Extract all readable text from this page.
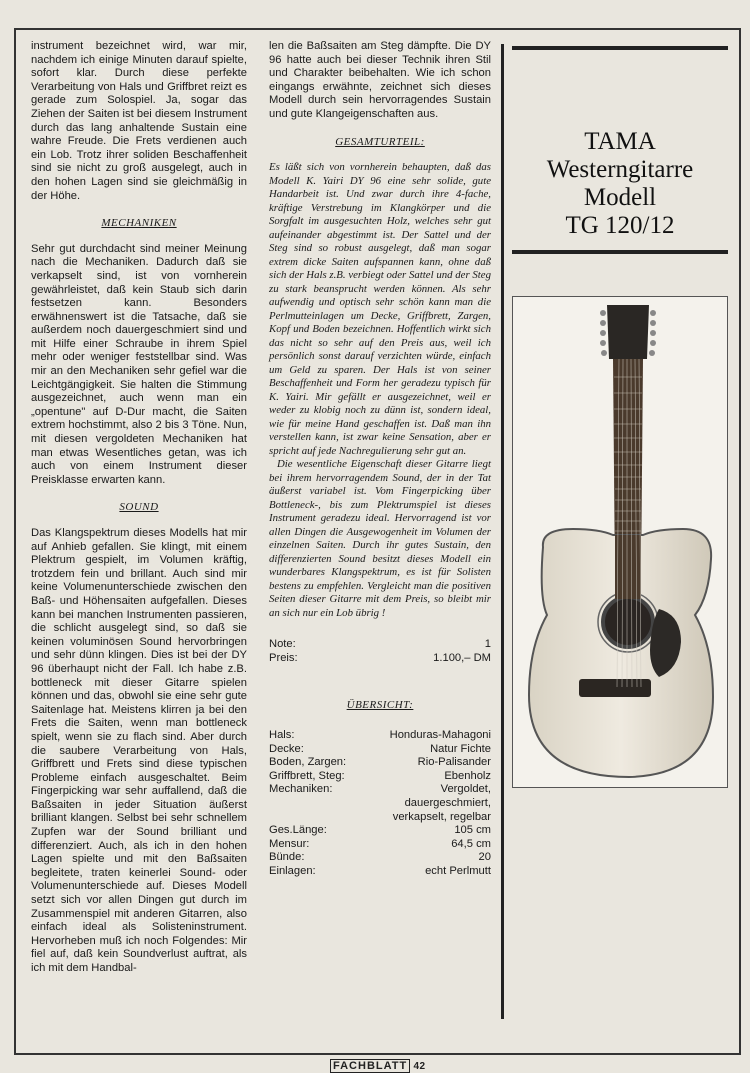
instrument bezeichnet wird, war mir, nachdem ich einige Minuten darauf spielte, sofort klar. Durch diese perfekte Verarbeitung von Hals und Griffbret reizt es gerade zum Solospiel. Ja, sogar das Ziehen der Saiten ist bei diesem Instrument durch das lang anhaltende Sustain eine wahre Freude. Die Frets verdienen auch ein Lob. Trotz ihrer soliden Beschaffenheit sind sie nicht zu groß ausgelegt, auch in den hohen Lagen sind sie gleichmäßig in der Höhe.

MECHANIKEN

Sehr gut durchdacht sind meiner Meinung nach die Mechaniken. Dadurch daß sie verkapselt sind, ist von vornherein gewährleistet, daß kein Staub sich darin festsetzen kann. Besonders erwähnenswert ist die Tatsache, daß sie außerdem noch dauergeschmiert sind und mit Hilfe einer Schraube in ihrem Spiel mehr oder weniger feststellbar sind. Was mir an den Mechaniken sehr gefiel war die Leichtgängigkeit. Sie halten die Stimmung ausgezeichnet, auch wenn man ein „opentune" auf D-Dur macht, die Saiten extrem hochstimmt, also 2 bis 3 Töne. Nun, mit diesen vergoldeten Mechaniken hat man etwas Wesentliches getan, was ich auch von einem Instrument dieser Preisklasse erwarten kann.

SOUND

Das Klangspektrum dieses Modells hat mir auf Anhieb gefallen. Sie klingt, mit einem Plektrum gespielt, im Volumen kräftig, trotzdem fein und brillant. Auch sind mir keine Volumenunterschiede zwischen den Baß- und Höhensaiten aufgefallen. Dieses kann bei manchen Instrumenten passieren, die schlicht ausgelegt sind, so daß sie keinen voluminösen Sound hervorbringen und sehr dünn klingen. Dies ist bei der DY 96 überhaupt nicht der Fall. Ich habe z.B. bottleneck mit dieser Gitarre spielen können und das, obwohl sie eine sehr gute Saitenlage hat. Meistens klirren ja bei den Frets die Saiten, wenn man bottleneck spielt, wenn sie zu flach sind. Aber durch die saubere Verarbeitung von Hals, Griffbrett und Frets sind diese typischen Probleme einfach ausgeschaltet. Beim Fingerpicking war sehr auffallend, daß die Baßsaiten in jeder Situation äußerst brilliant klangen. Selbst bei sehr schnellem Zupfen war der Sound brilliant und differenziert. Auch, als ich in den hohen Lagen spielte und mit den Baßsaiten begleitete, traten keinerlei Sound- oder Volumenunterschiede auf. Dieses Modell setzt sich vor allen Dingen gut durch im Zusammenspiel mit anderen Gitarren, also einfach ideal als Solisteninstrument. Hervorheben muß ich noch Folgendes: Mir fiel auf, daß kein Soundverlust auftrat, als ich mit dem Handbal-

len die Baßsaiten am Steg dämpfte. Die DY 96 hatte auch bei dieser Technik ihren Stil und Charakter beibehalten. Wie ich schon eingangs erwähnte, zeichnet sich dieses Modell durch sein hervorragendes Sustain und gute Klangeigenschaften aus.

GESAMTURTEIL:

Es läßt sich von vornherein behaupten, daß das Modell K. Yairi DY 96 eine sehr solide, gute Handarbeit ist. Und zwar durch ihre 4-fache, kräftige Verstrebung im Klangkörper und die Sorgfalt im ausgesuchten Holz, welches sehr gut aufeinander abgestimmt ist. Der Sattel und der Steg sind so robust ausgelegt, daß man sogar extrem dicke Saiten aufspannen kann, ohne daß sich der Hals z.B. verbiegt oder Sattel und der Steg zu stark beansprucht werden können. Als sehr aufwendig und optisch sehr schön kann man die Perlmutteinlagen um Decke, Griffbrett, Zargen, Kopf und Boden bezeichnen. Hoffentlich wirkt sich das nicht so sehr auf den Preis aus, weil ich persönlich sonst darauf verzichten würde, einfach um Geld zu sparen. Der Hals ist von seiner Beschaffenheit und Form her geradezu typisch für K. Yairi. Mir gefällt er ausgezeichnet, weil er weder zu klobig noch zu dünn ist, sondern ideal, wie für meine Hand geschaffen ist. Daß man ihn verstellen kann, ist zwar keine Sensation, aber er spricht auf jede Nachregulierung sehr gut an.

Die wesentliche Eigenschaft dieser Gitarre liegt bei ihrem hervorragendem Sound, der in der Tat äußerst variabel ist. Vom Fingerpicking über Bottleneck-, bis zum Plektrumspiel ist dieses Instrument geradezu ideal. Hervorragend ist vor allen Dingen die Ausgewogenheit im Volumen der einzelnen Saiten. Durch ihr gutes Sustain, den differenzierten Sound besitzt dieses Modell ein wunderbares Klangspektrum, es ist für Solisten bestens zu empfehlen. Vergleicht man die positiven Seiten dieser Gitarre mit dem Preis, so bleibt mir an sich nur ein Lob übrig !

Note:	1
Preis:	1.100,– DM
ÜBERSICHT:
Hals:	Honduras-Mahagoni
Decke:	Natur Fichte
Boden, Zargen:	Rio-Palisander
Griffbrett, Steg:	Ebenholz
Mechaniken:	Vergoldet, dauergeschmiert, verkapselt, regelbar
Ges.Länge:	105 cm
Mensur:	64,5 cm
Bünde:	20
Einlagen:	echt Perlmutt
TAMA
Westerngitarre
Modell
TG 120/12
FACHBLATT 42
